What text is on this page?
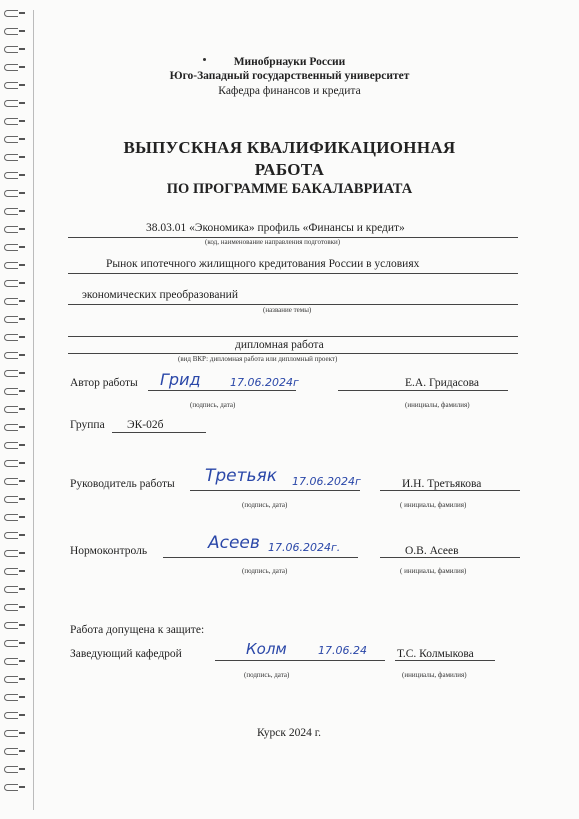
Минобрнауки России
Юго-Западный государственный университет
Кафедра финансов и кредита
ВЫПУСКНАЯ КВАЛИФИКАЦИОННАЯ
РАБОТА
ПО ПРОГРАММЕ БАКАЛАВРИАТА
38.03.01 «Экономика» профиль «Финансы и кредит»
(код, наименование направления подготовки)
Рынок ипотечного жилищного кредитования России в условиях
экономических преобразований
(название темы)
дипломная работа
(вид ВКР: дипломная работа или дипломный проект)
Автор работы Грид	17.06.2024г	Е.А. Гридасова
(подпись, дата)	(инициалы, фамилия)
Группа ЭК-02б
Руководитель работы Третьяк 17.06.2024г	И.Н. Третьякова
(подпись, дата)	( инициалы, фамилия)
Нормоконтроль	Асеев 17.06.2024г.	О.В. Асеев
(подпись, дата)	( инициалы, фамилия)
Работа допущена к защите:
Заведующий кафедрой	Колм	17.06.24	Т.С. Колмыкова
(подпись, дата)	(инициалы, фамилия)
Курск 2024 г.
